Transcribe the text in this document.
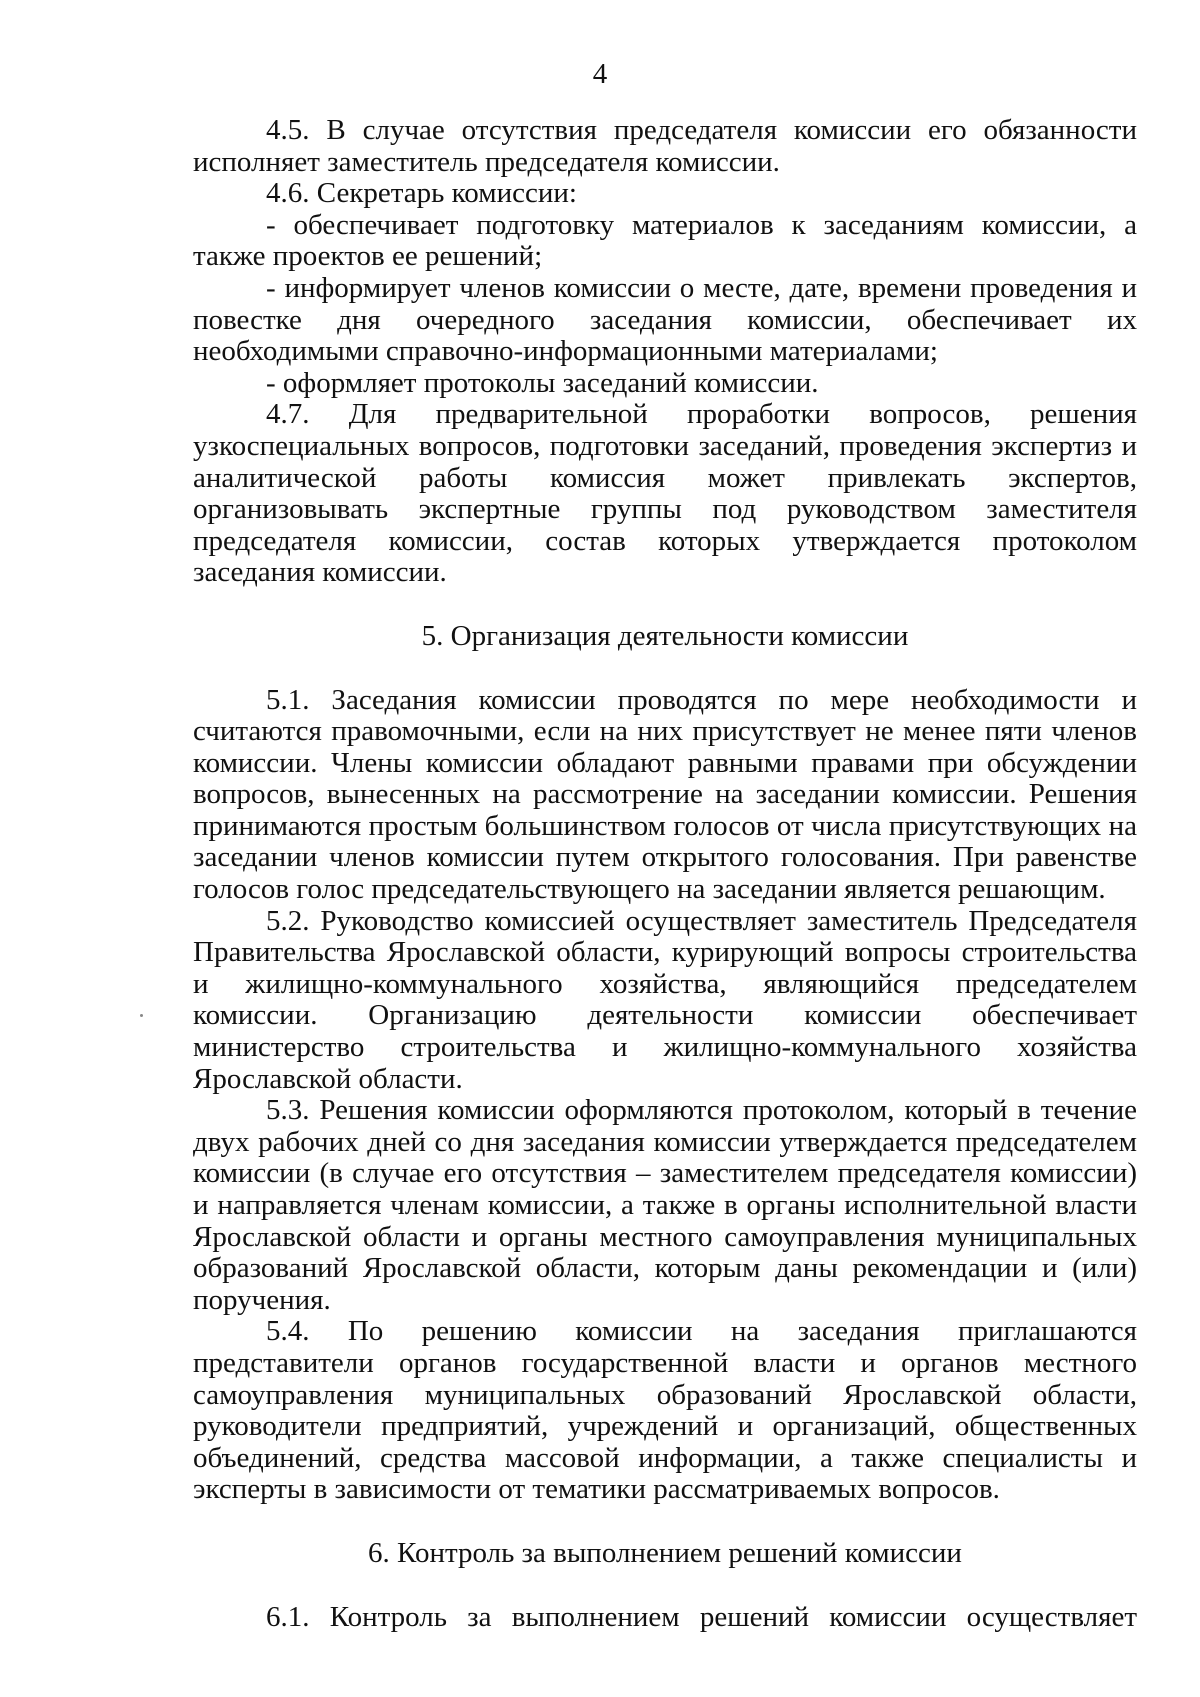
4

4.5. В случае отсутствия председателя комиссии его обязанности исполняет заместитель председателя комиссии.

4.6. Секретарь комиссии:

- обеспечивает подготовку материалов к заседаниям комиссии, а также проектов ее решений;

- информирует членов комиссии о месте, дате, времени проведения и повестке дня очередного заседания комиссии, обеспечивает их необходимыми справочно-информационными материалами;

- оформляет протоколы заседаний комиссии.

4.7. Для предварительной проработки вопросов, решения узкоспециальных вопросов, подготовки заседаний, проведения экспертиз и аналитической работы комиссия может привлекать экспертов, организовывать экспертные группы под руководством заместителя председателя комиссии, состав которых утверждается протоколом заседания комиссии.

5. Организация деятельности комиссии

5.1. Заседания комиссии проводятся по мере необходимости и считаются правомочными, если на них присутствует не менее пяти членов комиссии. Члены комиссии обладают равными правами при обсуждении вопросов, вынесенных на рассмотрение на заседании комиссии. Решения принимаются простым большинством голосов от числа присутствующих на заседании членов комиссии путем открытого голосования. При равенстве голосов голос председательствующего на заседании является решающим.

5.2. Руководство комиссией осуществляет заместитель Председателя Правительства Ярославской области, курирующий вопросы строительства и жилищно-коммунального хозяйства, являющийся председателем комиссии. Организацию деятельности комиссии обеспечивает министерство строительства и жилищно-коммунального хозяйства Ярославской области.

5.3. Решения комиссии оформляются протоколом, который в течение двух рабочих дней со дня заседания комиссии утверждается председателем комиссии (в случае его отсутствия – заместителем председателя комиссии) и направляется членам комиссии, а также в органы исполнительной власти Ярославской области и органы местного самоуправления муниципальных образований Ярославской области, которым даны рекомендации и (или) поручения.

5.4. По решению комиссии на заседания приглашаются представители органов государственной власти и органов местного самоуправления муниципальных образований Ярославской области, руководители предприятий, учреждений и организаций, общественных объединений, средства массовой информации, а также специалисты и эксперты в зависимости от тематики рассматриваемых вопросов.

6. Контроль за выполнением решений комиссии

6.1. Контроль за выполнением решений комиссии осуществляет
